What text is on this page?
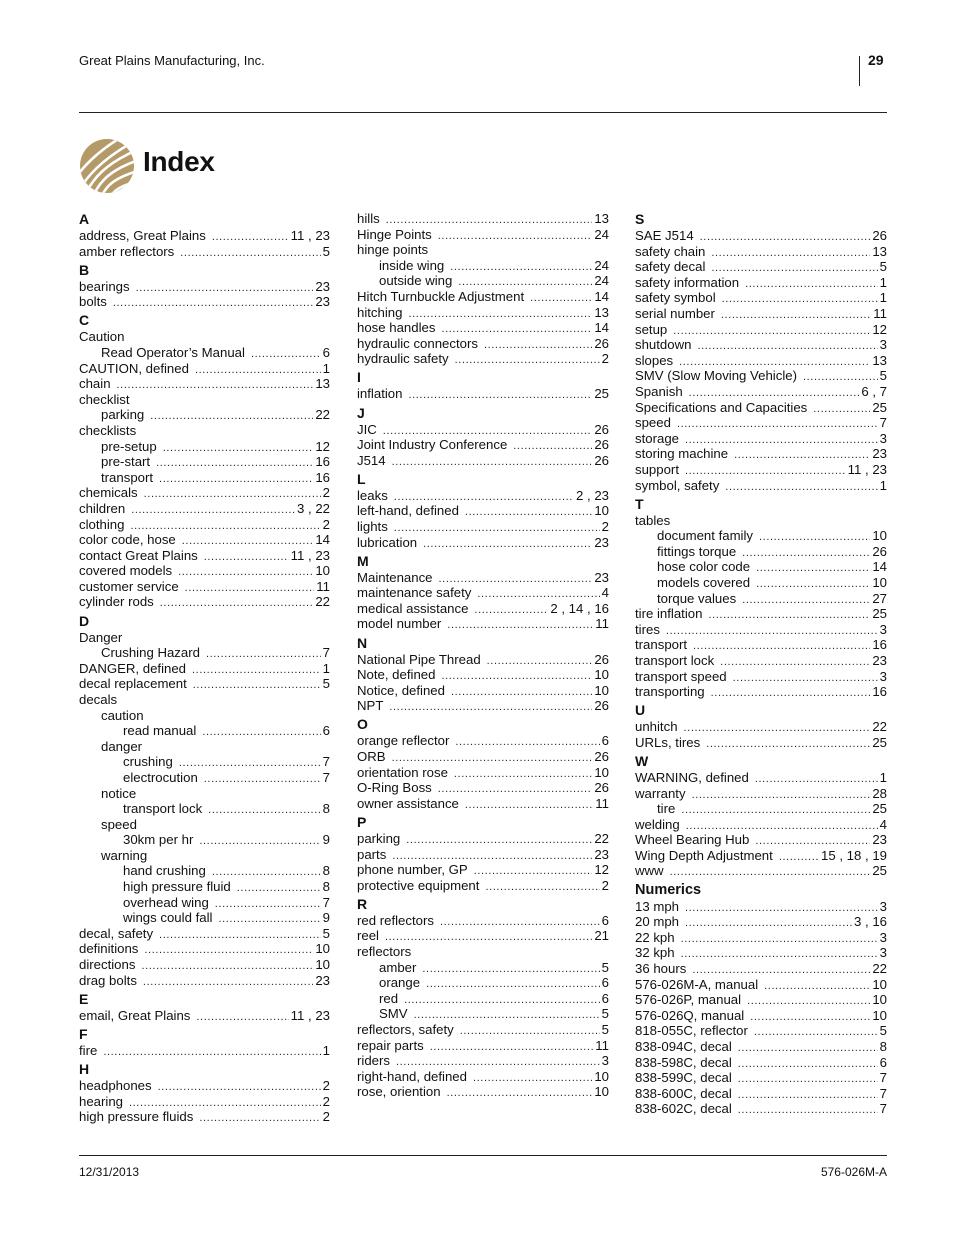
Great Plains Manufacturing, Inc.	29
Index
A
address, Great Plains .....	11 , 23
amber reflectors .....	5
B
bearings .....	23
bolts .....	23
C
Caution
Read Operator’s Manual .....	6
CAUTION, defined .....	1
chain .....	13
checklist
parking .....	22
checklists
pre-setup .....	12
pre-start .....	16
transport .....	16
chemicals .....	2
children .....	3 , 22
clothing .....	2
color code, hose .....	14
contact Great Plains .....	11 , 23
covered models .....	10
customer service .....	11
cylinder rods .....	22
D
Danger
Crushing Hazard .....	7
DANGER, defined .....	1
decal replacement .....	5
decals
caution
read manual .....	6
danger
crushing .....	7
electrocution .....	7
notice
transport lock .....	8
speed
30km per hr .....	9
warning
hand crushing .....	8
high pressure fluid .....	8
overhead wing .....	7
wings could fall .....	9
decal, safety .....	5
definitions .....	10
directions .....	10
drag bolts .....	23
E
email, Great Plains .....	11 , 23
F
fire .....	1
H
headphones .....	2
hearing .....	2
high pressure fluids .....	2
hills .....	13
Hinge Points .....	24
hinge points
inside wing .....	24
outside wing .....	24
Hitch Turnbuckle Adjustment .....	14
hitching .....	13
hose handles .....	14
hydraulic connectors .....	26
hydraulic safety .....	2
I
inflation .....	25
J
JIC .....	26
Joint Industry Conference .....	26
J514 .....	26
L
leaks .....	2 , 23
left-hand, defined .....	10
lights .....	2
lubrication .....	23
M
Maintenance .....	23
maintenance safety .....	4
medical assistance .....	2 , 14 , 16
model number .....	11
N
National Pipe Thread .....	26
Note, defined .....	10
Notice, defined .....	10
NPT .....	26
O
orange reflector .....	6
ORB .....	26
orientation rose .....	10
O-Ring Boss .....	26
owner assistance .....	11
P
parking .....	22
parts .....	23
phone number, GP .....	12
protective equipment .....	2
R
red reflectors .....	6
reel .....	21
reflectors
amber .....	5
orange .....	6
red .....	6
SMV .....	5
reflectors, safety .....	5
repair parts .....	11
riders .....	3
right-hand, defined .....	10
rose, oriention .....	10
S
SAE J514 .....	26
safety chain .....	13
safety decal .....	5
safety information .....	1
safety symbol .....	1
serial number .....	11
setup .....	12
shutdown .....	3
slopes .....	13
SMV (Slow Moving Vehicle) .....	5
Spanish .....	6 , 7
Specifications and Capacities .....	25
speed .....	7
storage .....	3
storing machine .....	23
support .....	11 , 23
symbol, safety .....	1
T
tables
document family .....	10
fittings torque .....	26
hose color code .....	14
models covered .....	10
torque values .....	27
tire inflation .....	25
tires .....	3
transport .....	16
transport lock .....	23
transport speed .....	3
transporting .....	16
U
unhitch .....	22
URLs, tires .....	25
W
WARNING, defined .....	1
warranty .....	28
tire .....	25
welding .....	4
Wheel Bearing Hub .....	23
Wing Depth Adjustment .....	15 , 18 , 19
www .....	25
Numerics
13 mph .....	3
20 mph .....	3 , 16
22 kph .....	3
32 kph .....	3
36 hours .....	22
576-026M-A, manual .....	10
576-026P, manual .....	10
576-026Q, manual .....	10
818-055C, reflector .....	5
838-094C, decal .....	8
838-598C, decal .....	6
838-599C, decal .....	7
838-600C, decal .....	7
838-602C, decal .....	7
12/31/2013	576-026M-A
